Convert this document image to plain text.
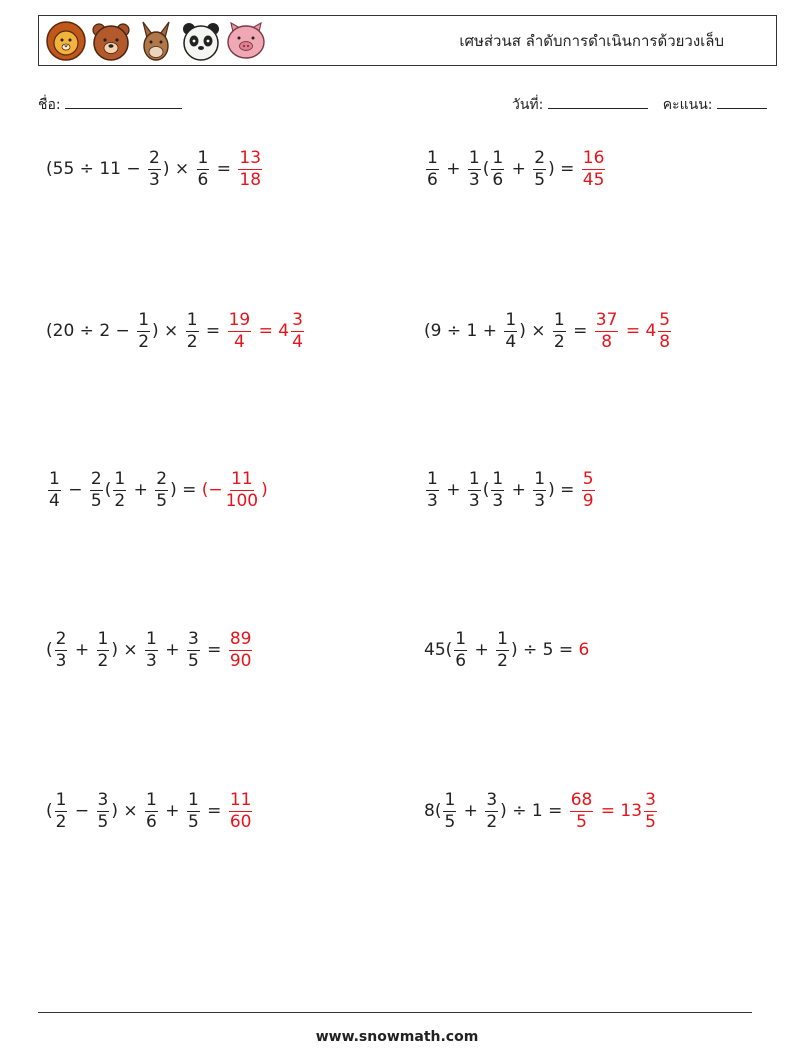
เศษส่วนส ลำดับการดำเนินการด้วยวงเล็บ
ชื่อ:	วันที่:	คะแนน:
($55 \div 11 - \frac{2}{3}$ ) × $\frac{1}{6} = \frac{13}{18}$	$\frac{1}{6} + \frac{1}{3}$ ( $\frac{1}{6} + \frac{2}{5}$ ) = $\frac{16}{45}$
($20 \div 2 - \frac{1}{2}$ ) × $\frac{1}{2} = \frac{19}{4} = 4 \frac{3}{4}$	($9 \div 1 + \frac{1}{4}$ ) × $\frac{1}{2} = \frac{37}{8} = 4 \frac{5}{8}$
$\frac{1}{4} - \frac{2}{5}$ ( $\frac{1}{2} + \frac{2}{5}$ ) = (− $\frac{11}{100}$ )	$\frac{1}{3} + \frac{1}{3}$ ( $\frac{1}{3} + \frac{1}{3}$ ) = $\frac{5}{9}$
( $\frac{2}{3} + \frac{1}{2}$ ) × $\frac{1}{3} + \frac{3}{5} = \frac{89}{90}$	$45( \frac{1}{6} + \frac{1}{2}$ ) ÷ 5 = 6
( $\frac{1}{2} - \frac{3}{5}$ ) × $\frac{1}{6} + \frac{1}{5} = \frac{11}{60}$	$8( \frac{1}{5} + \frac{3}{2}$ ) ÷ $1 = \frac{68}{5} = 13 \frac{3}{5}$
www.snowmath.com
